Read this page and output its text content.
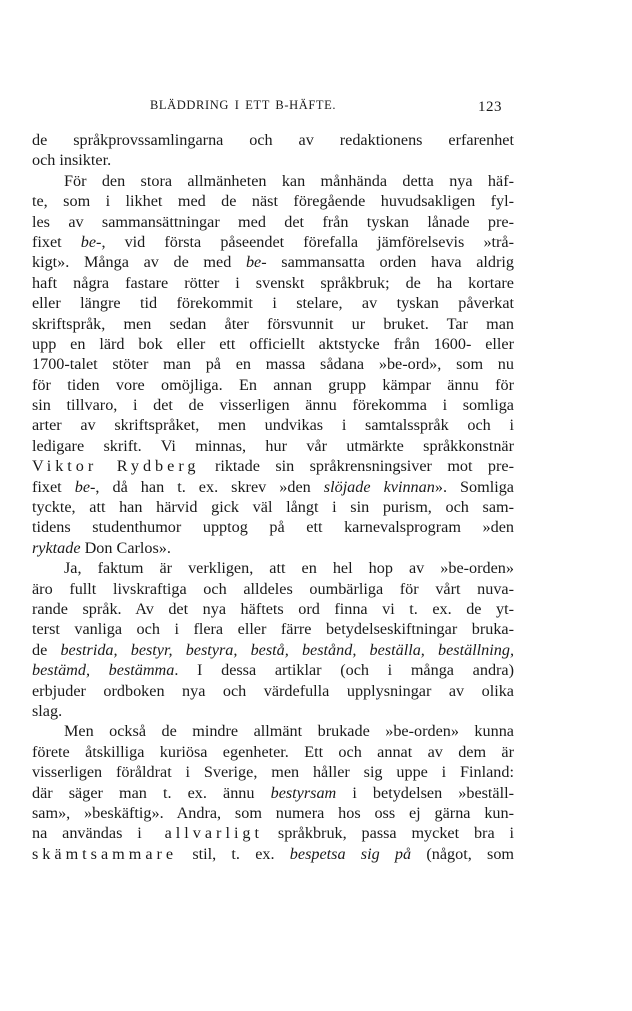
BLÄDDRING I ETT B-HÄFTE.	123
de språkprovssamlingarna och av redaktionens erfarenhet
och insikter.
För den stora allmänheten kan månhända detta nya häf-
te, som i likhet med de näst föregående huvudsakligen fyl-
les av sammansättningar med det från tyskan lånade pre-
fixet be-, vid första påseendet förefalla jämförelsevis »trå-
kigt». Många av de med be- sammansatta orden hava aldrig
haft några fastare rötter i svenskt språkbruk; de ha kortare
eller längre tid förekommit i stelare, av tyskan påverkat
skriftspråk, men sedan åter försvunnit ur bruket. Tar man
upp en lärd bok eller ett officiellt aktstycke från 1600- eller
1700-talet stöter man på en massa sådana »be-ord», som nu
för tiden vore omöjliga. En annan grupp kämpar ännu för
sin tillvaro, i det de visserligen ännu förekomma i somliga
arter av skriftspråket, men undvikas i samtalsspråk och i
ledigare skrift. Vi minnas, hur vår utmärkte språkkonstnär
Viktor Rydberg riktade sin språkrensningsiver mot pre-
fixet be-, då han t. ex. skrev »den slöjade kvinnan». Somliga
tyckte, att han härvid gick väl långt i sin purism, och sam-
tidens studenthumor upptog på ett karnevalsprogram »den
ryktade Don Carlos».
Ja, faktum är verkligen, att en hel hop av »be-orden»
äro fullt livskraftiga och alldeles oumbärliga för vårt nuva-
rande språk. Av det nya häftets ord finna vi t. ex. de yt-
terst vanliga och i flera eller färre betydelseskiftningar bruka-
de bestrida, bestyr, bestyra, bestå, bestånd, beställa, beställning,
bestämd, bestämma. I dessa artiklar (och i många andra)
erbjuder ordboken nya och värdefulla upplysningar av olika
slag.
Men också de mindre allmänt brukade »be-orden» kunna
förete åtskilliga kuriösa egenheter. Ett och annat av dem är
visserligen föråldrat i Sverige, men håller sig uppe i Finland:
där säger man t. ex. ännu bestyrsam i betydelsen »beställ-
sam», »beskäftig». Andra, som numera hos oss ej gärna kun-
na användas i allvarligt språkbruk, passa mycket bra i
skämtsammare stil, t. ex. bespetsa sig på (något, som
